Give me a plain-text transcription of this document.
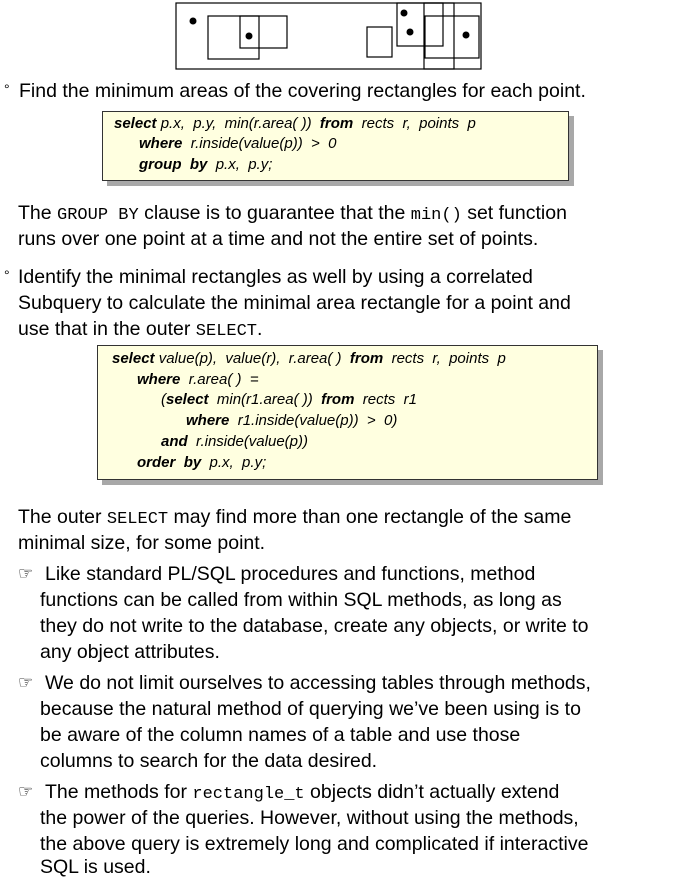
° Find the minimum areas of the covering rectangles for each point.
select p.x,  p.y,  min(r.area( )) from rects  r,  points  p
where r.inside(value(p))  >  0
group by p.x,  p.y;
The GROUP BY clause is to guarantee that the min() set function
runs over one point at a time and not the entire set of points.
° Identify the minimal rectangles as well by using a correlated
Subquery to calculate the minimal area rectangle for a point and
use that in the outer SELECT.
select value(p),  value(r),  r.area( ) from rects  r,  points  p
where r.area( )  =
(select min(r1.area( )) from rects  r1
where r1.inside(value(p))  >  0)
and r.inside(value(p))
order by p.x,  p.y;
The outer SELECT may find more than one rectangle of the same
minimal size, for some point.
☞ Like standard PL/SQL procedures and functions, method
functions can be called from within SQL methods, as long as
they do not write to the database, create any objects, or write to
any object attributes.
☞ We do not limit ourselves to accessing tables through methods,
because the natural method of querying we’ve been using is to
be aware of the column names of a table and use those
columns to search for the data desired.
☞ The methods for rectangle_t objects didn’t actually extend
the power of the queries. However, without using the methods,
the above query is extremely long and complicated if interactive
SQL is used.
